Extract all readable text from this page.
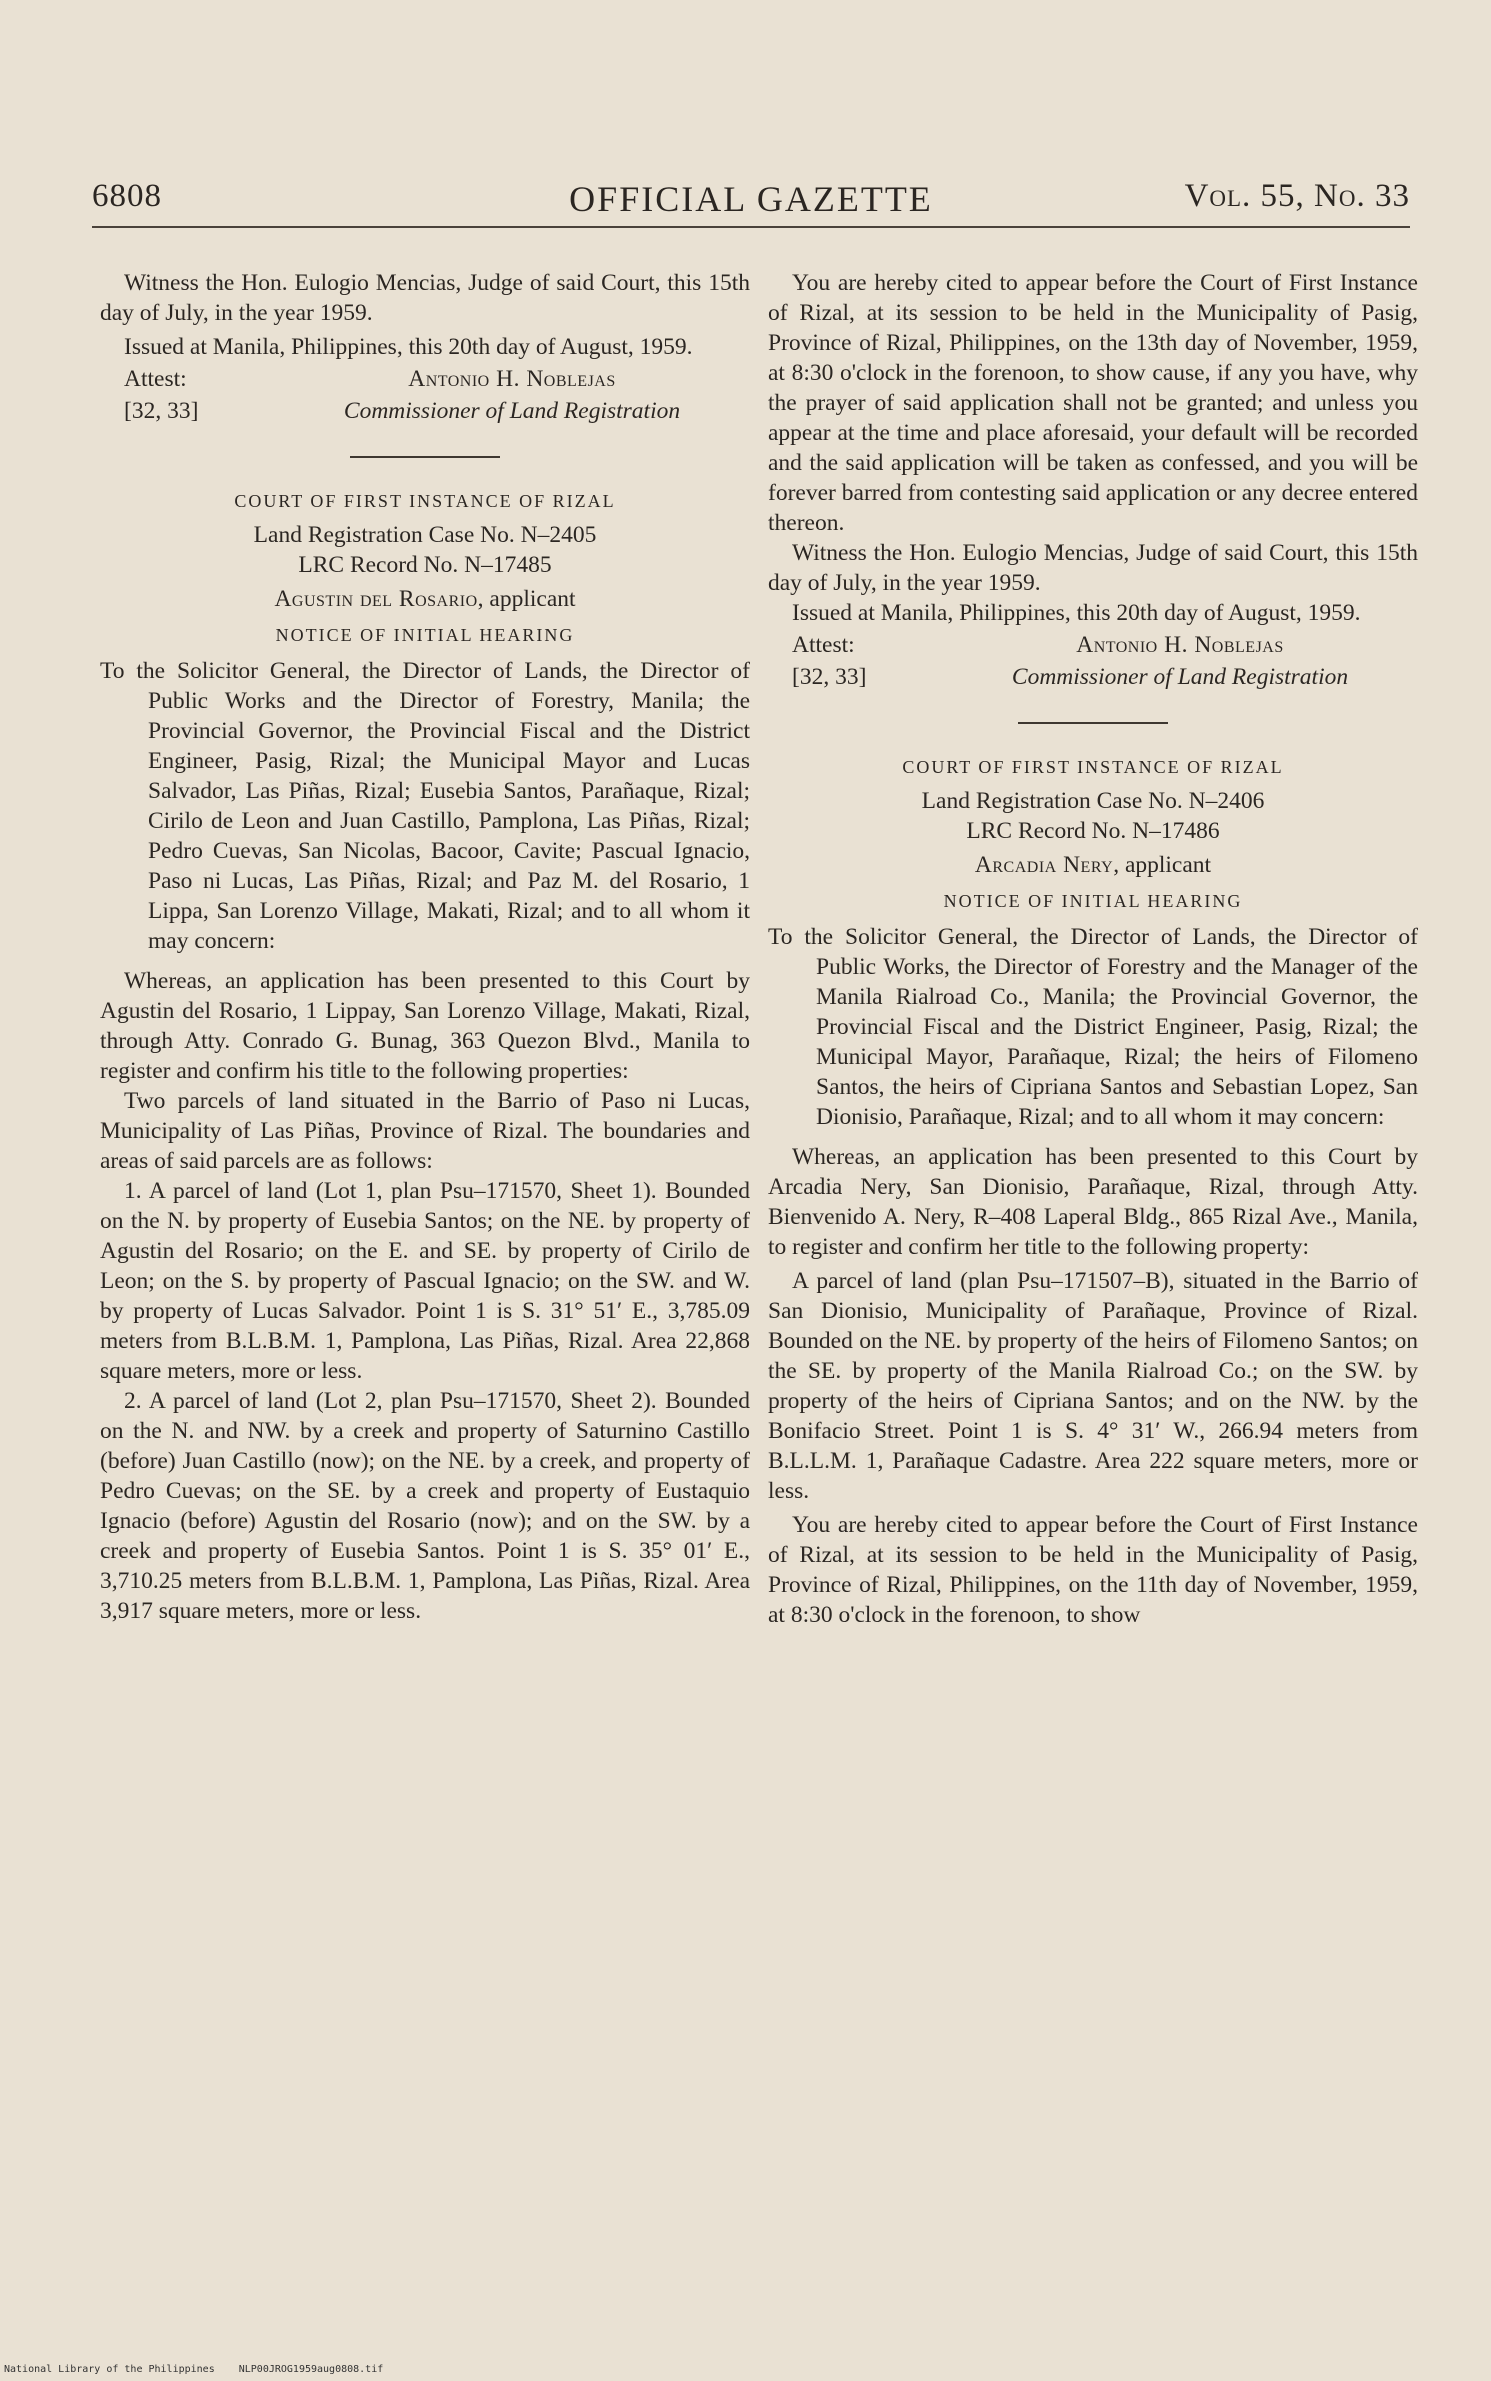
6808	OFFICIAL GAZETTE	Vol. 55, No. 33

Witness the Hon. Eulogio Mencias, Judge of said Court, this 15th day of July, in the year 1959.

Issued at Manila, Philippines, this 20th day of August, 1959.

Attest:	Antonio H. Noblejas
[32, 33]	Commissioner of Land Registration

COURT OF FIRST INSTANCE OF RIZAL

Land Registration Case No. N–2405

LRC Record No. N–17485

Agustin del Rosario, applicant

NOTICE OF INITIAL HEARING

To the Solicitor General, the Director of Lands, the Director of Public Works and the Director of Forestry, Manila; the Provincial Governor, the Provincial Fiscal and the District Engineer, Pasig, Rizal; the Municipal Mayor and Lucas Salvador, Las Piñas, Rizal; Eusebia Santos, Parañaque, Rizal; Cirilo de Leon and Juan Castillo, Pamplona, Las Piñas, Rizal; Pedro Cuevas, San Nicolas, Bacoor, Cavite; Pascual Ignacio, Paso ni Lucas, Las Piñas, Rizal; and Paz M. del Rosario, 1 Lippa, San Lorenzo Village, Makati, Rizal; and to all whom it may concern:

Whereas, an application has been presented to this Court by Agustin del Rosario, 1 Lippay, San Lorenzo Village, Makati, Rizal, through Atty. Conrado G. Bunag, 363 Quezon Blvd., Manila to register and confirm his title to the following properties:

Two parcels of land situated in the Barrio of Paso ni Lucas, Municipality of Las Piñas, Province of Rizal. The boundaries and areas of said parcels are as follows:

1. A parcel of land (Lot 1, plan Psu–171570, Sheet 1). Bounded on the N. by property of Eusebia Santos; on the NE. by property of Agustin del Rosario; on the E. and SE. by property of Cirilo de Leon; on the S. by property of Pascual Ignacio; on the SW. and W. by property of Lucas Salvador. Point 1 is S. 31° 51′ E., 3,785.09 meters from B.L.B.M. 1, Pamplona, Las Piñas, Rizal. Area 22,868 square meters, more or less.

2. A parcel of land (Lot 2, plan Psu–171570, Sheet 2). Bounded on the N. and NW. by a creek and property of Saturnino Castillo (before) Juan Castillo (now); on the NE. by a creek, and property of Pedro Cuevas; on the SE. by a creek and property of Eustaquio Ignacio (before) Agustin del Rosario (now); and on the SW. by a creek and property of Eusebia Santos. Point 1 is S. 35° 01′ E., 3,710.25 meters from B.L.B.M. 1, Pamplona, Las Piñas, Rizal. Area 3,917 square meters, more or less.

You are hereby cited to appear before the Court of First Instance of Rizal, at its session to be held in the Municipality of Pasig, Province of Rizal, Philippines, on the 13th day of November, 1959, at 8:30 o'clock in the forenoon, to show cause, if any you have, why the prayer of said application shall not be granted; and unless you appear at the time and place aforesaid, your default will be recorded and the said application will be taken as confessed, and you will be forever barred from contesting said application or any decree entered thereon.

Witness the Hon. Eulogio Mencias, Judge of said Court, this 15th day of July, in the year 1959.

Issued at Manila, Philippines, this 20th day of August, 1959.

Attest:	Antonio H. Noblejas
[32, 33]	Commissioner of Land Registration

COURT OF FIRST INSTANCE OF RIZAL

Land Registration Case No. N–2406

LRC Record No. N–17486

Arcadia Nery, applicant

NOTICE OF INITIAL HEARING

To the Solicitor General, the Director of Lands, the Director of Public Works, the Director of Forestry and the Manager of the Manila Rialroad Co., Manila; the Provincial Governor, the Provincial Fiscal and the District Engineer, Pasig, Rizal; the Municipal Mayor, Parañaque, Rizal; the heirs of Filomeno Santos, the heirs of Cipriana Santos and Sebastian Lopez, San Dionisio, Parañaque, Rizal; and to all whom it may concern:

Whereas, an application has been presented to this Court by Arcadia Nery, San Dionisio, Parañaque, Rizal, through Atty. Bienvenido A. Nery, R–408 Laperal Bldg., 865 Rizal Ave., Manila, to register and confirm her title to the following property:

A parcel of land (plan Psu–171507–B), situated in the Barrio of San Dionisio, Municipality of Parañaque, Province of Rizal. Bounded on the NE. by property of the heirs of Filomeno Santos; on the SE. by property of the Manila Rialroad Co.; on the SW. by property of the heirs of Cipriana Santos; and on the NW. by the Bonifacio Street. Point 1 is S. 4° 31′ W., 266.94 meters from B.L.L.M. 1, Parañaque Cadastre. Area 222 square meters, more or less.

You are hereby cited to appear before the Court of First Instance of Rizal, at its session to be held in the Municipality of Pasig, Province of Rizal, Philippines, on the 11th day of November, 1959, at 8:30 o'clock in the forenoon, to show

National Library of the Philippines NLP00JROG1959aug0808.tif
